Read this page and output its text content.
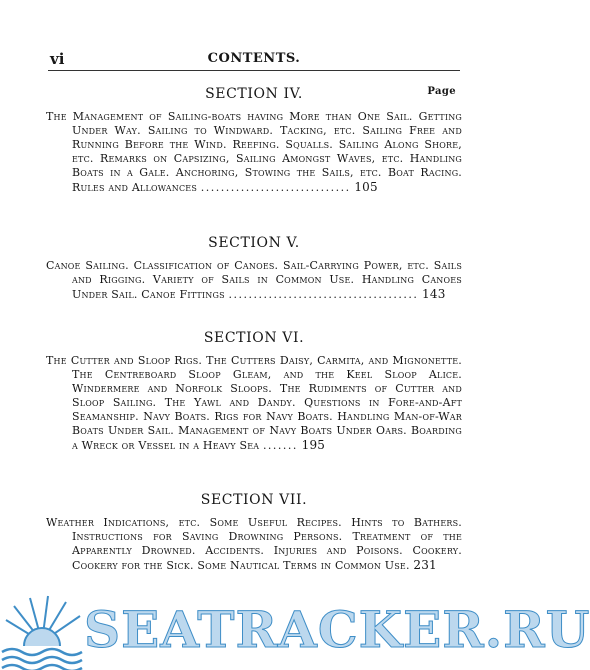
vi	CONTENTS.

SECTION IV.	Page

The Management of Sailing-boats having More than One Sail. Getting Under Way. Sailing to Windward. Tacking, etc. Sailing Free and Running Before the Wind. Reefing. Squalls. Sailing Along Shore, etc. Remarks on Capsizing, Sailing Amongst Waves, etc. Handling Boats in a Gale. Anchoring, Stowing the Sails, etc. Boat Racing. Rules and Allowances .............................. 105

SECTION V.

Canoe Sailing. Classification of Canoes. Sail-Carrying Power, etc. Sails and Rigging. Variety of Sails in Common Use. Handling Canoes Under Sail. Canoe Fittings ...................................... 143

SECTION VI.

The Cutter and Sloop Rigs. The Cutters Daisy, Carmita, and Mignonette. The Centreboard Sloop Gleam, and the Keel Sloop Alice. Windermere and Norfolk Sloops. The Rudiments of Cutter and Sloop Sailing. The Yawl and Dandy. Questions in Fore-and-Aft Seamanship. Navy Boats. Rigs for Navy Boats. Handling Man-of-War Boats Under Sail. Management of Navy Boats Under Oars. Boarding a Wreck or Vessel in a Heavy Sea ....... 195

SECTION VII.

Weather Indications, etc. Some Useful Recipes. Hints to Bathers. Instructions for Saving Drowning Persons. Treatment of the Apparently Drowned. Accidents. Injuries and Poisons. Cookery. Cookery for the Sick. Some Nautical Terms in Common Use. 231

SEATRACKER.RU
